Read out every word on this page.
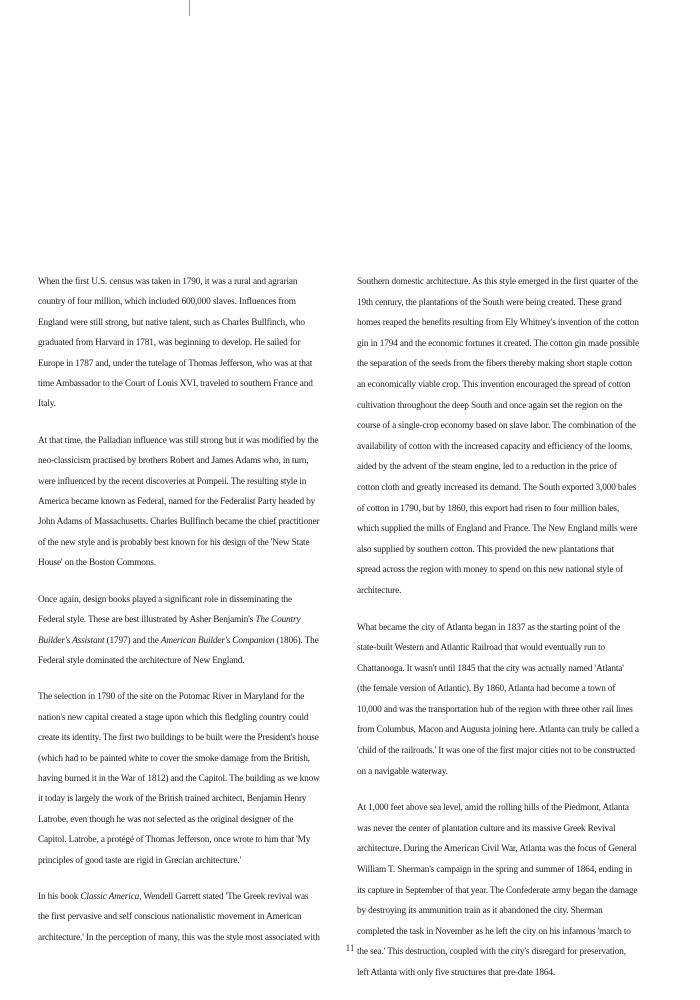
When the first U.S. census was taken in 1790, it was a rural and agrarian country of four million, which included 600,000 slaves. Influences from England were still strong, but native talent, such as Charles Bullfinch, who graduated from Harvard in 1781, was beginning to develop. He sailed for Europe in 1787 and, under the tutelage of Thomas Jefferson, who was at that time Ambassador to the Court of Louis XVI, traveled to southern France and Italy.

At that time, the Palladian influence was still strong but it was modified by the neo-classicism practised by brothers Robert and James Adams who, in turn, were influenced by the recent discoveries at Pompeii. The resulting style in America became known as Federal, named for the Federalist Party headed by John Adams of Massachusetts. Charles Bullfinch became the chief practitioner of the new style and is probably best known for his design of the 'New State House' on the Boston Commons.

Once again, design books played a significant role in disseminating the Federal style. These are best illustrated by Asher Benjamin's The Country Builder's Assistant (1797) and the American Builder's Companion (1806). The Federal style dominated the architecture of New England.

The selection in 1790 of the site on the Potomac River in Maryland for the nation's new capital created a stage upon which this fledgling country could create its identity. The first two buildings to be built were the President's house (which had to be painted white to cover the smoke damage from the British, having burned it in the War of 1812) and the Capitol. The building as we know it today is largely the work of the British trained architect, Benjamin Henry Latrobe, even though he was not selected as the original designer of the Capitol. Latrobe, a protégé of Thomas Jefferson, once wrote to him that 'My principles of good taste are rigid in Grecian architecture.'

In his book Classic America, Wendell Garrett stated 'The Greek revival was the first pervasive and self conscious nationalistic movement in American architecture.' In the perception of many, this was the style most associated with

Southern domestic architecture. As this style emerged in the first quarter of the 19th century, the plantations of the South were being created. These grand homes reaped the benefits resulting from Ely Whitney's invention of the cotton gin in 1794 and the economic fortunes it created. The cotton gin made possible the separation of the seeds from the fibers thereby making short staple cotton an economically viable crop. This invention encouraged the spread of cotton cultivation throughout the deep South and once again set the region on the course of a single-crop economy based on slave labor. The combination of the availability of cotton with the increased capacity and efficiency of the looms, aided by the advent of the steam engine, led to a reduction in the price of cotton cloth and greatly increased its demand. The South exported 3,000 bales of cotton in 1790, but by 1860, this export had risen to four million bales, which supplied the mills of England and France. The New England mills were also supplied by southern cotton. This provided the new plantations that spread across the region with money to spend on this new national style of architecture.

What became the city of Atlanta began in 1837 as the starting point of the state-built Western and Atlantic Railroad that would eventually run to Chattanooga. It wasn't until 1845 that the city was actually named 'Atlanta' (the female version of Atlantic). By 1860, Atlanta had become a town of 10,000 and was the transportation hub of the region with three other rail lines from Columbus, Macon and Augusta joining here. Atlanta can truly be called a 'child of the railroads.' It was one of the first major cities not to be constructed on a navigable waterway.

At 1,000 feet above sea level, amid the rolling hills of the Piedmont, Atlanta was never the center of plantation culture and its massive Greek Revival architecture. During the American Civil War, Atlanta was the focus of General William T. Sherman's campaign in the spring and summer of 1864, ending in its capture in September of that year. The Confederate army began the damage by destroying its ammunition train as it abandoned the city. Sherman completed the task in November as he left the city on his infamous 'march to the sea.' This destruction, coupled with the city's disregard for preservation, left Atlanta with only five structures that pre-date 1864.

11
